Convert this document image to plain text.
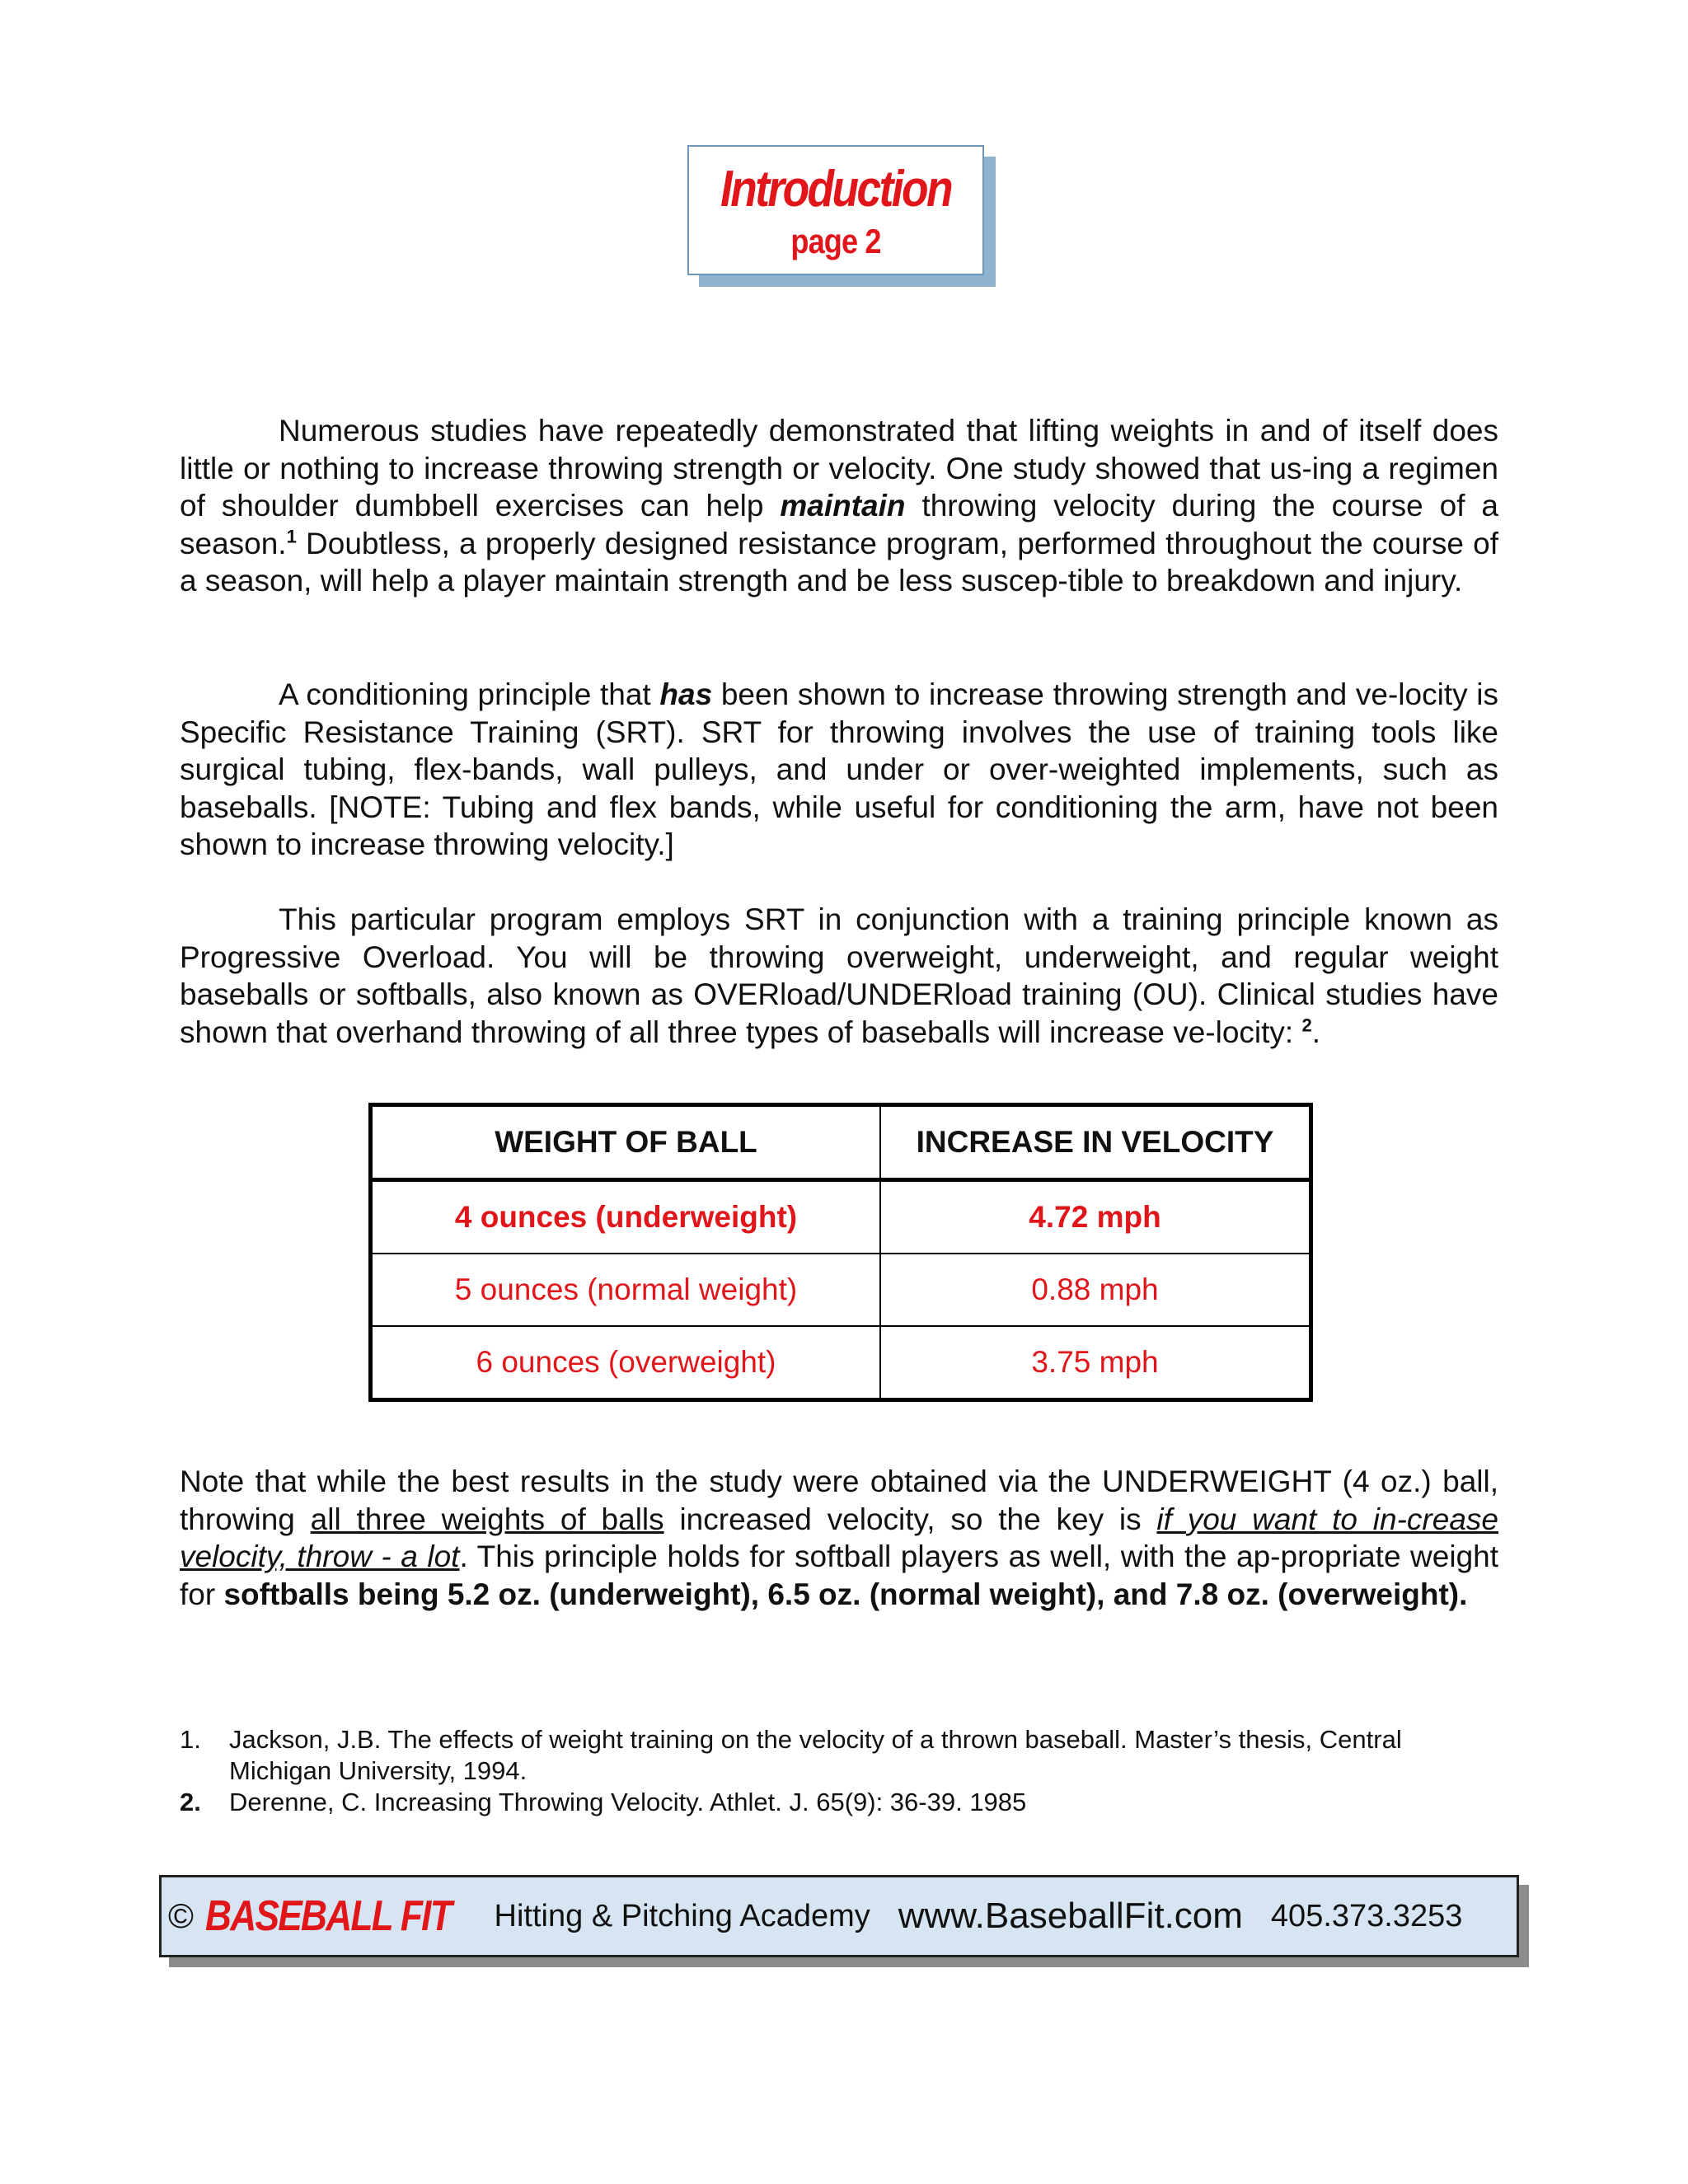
Introduction
page 2

Numerous studies have repeatedly demonstrated that lifting weights in and of itself does little or nothing to increase throwing strength or velocity. One study showed that us-ing a regimen of shoulder dumbbell exercises can help maintain throwing velocity during the course of a season.$^1$ Doubtless, a properly designed resistance program, performed throughout the course of a season, will help a player maintain strength and be less suscep-tible to breakdown and injury.

A conditioning principle that has been shown to increase throwing strength and ve-locity is Specific Resistance Training (SRT). SRT for throwing involves the use of training tools like surgical tubing, flex-bands, wall pulleys, and under or over-weighted implements, such as baseballs. [NOTE: Tubing and flex bands, while useful for conditioning the arm, have not been shown to increase throwing velocity.]

This particular program employs SRT in conjunction with a training principle known as Progressive Overload. You will be throwing overweight, underweight, and regular weight baseballs or softballs, also known as OVERload/UNDERload training (OU). Clinical studies have shown that overhand throwing of all three types of baseballs will increase ve-locity: $^2$.

WEIGHT OF BALL	INCREASE IN VELOCITY
4 ounces (underweight)	4.72 mph
5 ounces (normal weight)	0.88 mph
6 ounces (overweight)	3.75 mph

Note that while the best results in the study were obtained via the UNDERWEIGHT (4 oz.) ball, throwing all three weights of balls increased velocity, so the key is if you want to in-crease velocity, throw - a lot. This principle holds for softball players as well, with the ap-propriate weight for softballs being 5.2 oz. (underweight), 6.5 oz. (normal weight), and 7.8 oz. (overweight).

1. Jackson, J.B. The effects of weight training on the velocity of a thrown baseball. Master’s thesis, Central Michigan University, 1994.
2. Derenne, C. Increasing Throwing Velocity. Athlet. J. 65(9): 36-39. 1985
© BASEBALL FIT Hitting & Pitching Academy www.BaseballFit.com 405.373.3253
